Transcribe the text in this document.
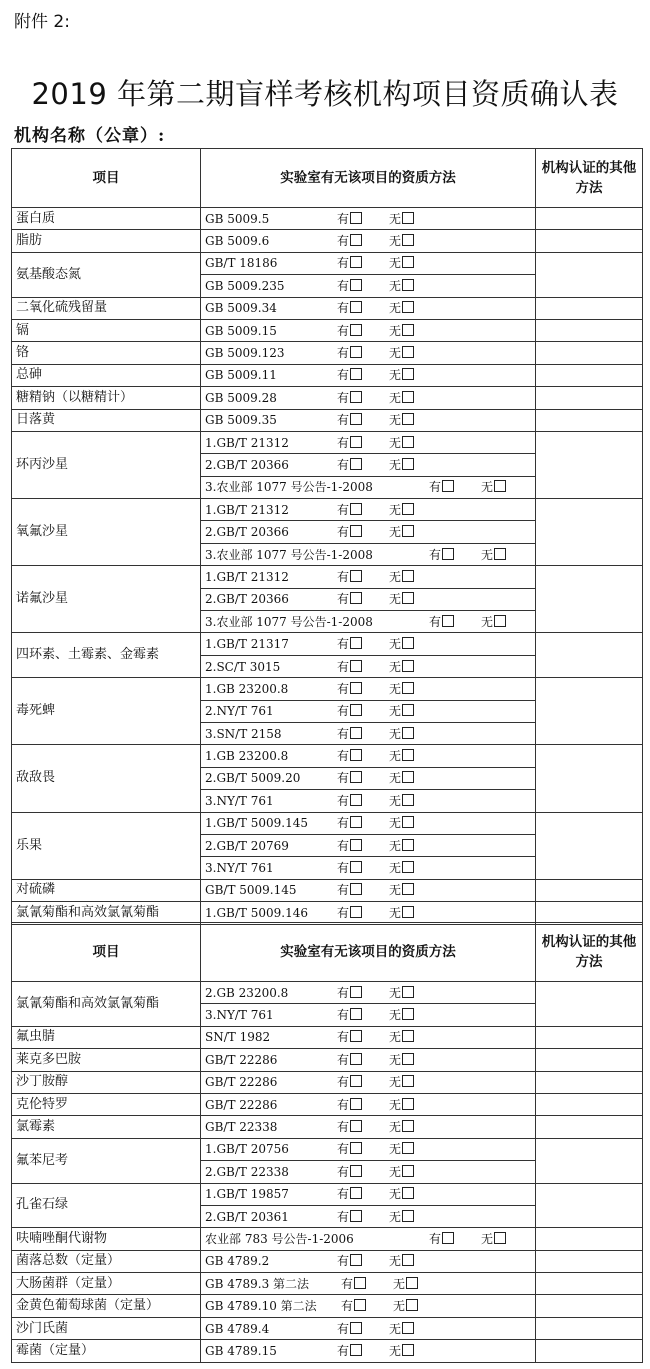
附件 2:
2019 年第二期盲样考核机构项目资质确认表
机构名称（公章）:
项目	实验室有无该项目的资质方法	机构认证的其他方法
蛋白质	GB 5009.5 有 无	

脂肪	GB 5009.6 有 无	

氨基酸态氮	GB/T 18186 有 无	

	GB 5009.235 有 无	

二氧化硫残留量	GB 5009.34 有 无	

镉	GB 5009.15 有 无	

铬	GB 5009.123 有 无	

总砷	GB 5009.11 有 无	

糖精钠（以糖精计）	GB 5009.28 有 无	

日落黄	GB 5009.35 有 无	

环丙沙星	1.GB/T 21312 有 无	

	2.GB/T 20366 有 无	

	3.农业部 1077 号公告-1-2008 有 无	

氧氟沙星	1.GB/T 21312 有 无	

	2.GB/T 20366 有 无	

	3.农业部 1077 号公告-1-2008 有 无	

诺氟沙星	1.GB/T 21312 有 无	

	2.GB/T 20366 有 无	

	3.农业部 1077 号公告-1-2008 有 无	

四环素、土霉素、金霉素	1.GB/T 21317 有 无	

	2.SC/T 3015 有 无	

毒死蜱	1.GB 23200.8 有 无	

	2.NY/T 761 有 无	

	3.SN/T 2158 有 无	

敌敌畏	1.GB 23200.8 有 无	

	2.GB/T 5009.20 有 无	

	3.NY/T 761 有 无	

乐果	1.GB/T 5009.145 有 无	

	2.GB/T 20769 有 无	

	3.NY/T 761 有 无	

对硫磷	GB/T 5009.145 有 无	

氯氰菊酯和高效氯氰菊酯	1.GB/T 5009.146 有 无	

项目	实验室有无该项目的资质方法	机构认证的其他方法
氯氰菊酯和高效氯氰菊酯	2.GB 23200.8 有 无	

	3.NY/T 761 有 无	

氟虫腈	SN/T 1982 有 无	

莱克多巴胺	GB/T 22286 有 无	

沙丁胺醇	GB/T 22286 有 无	

克伦特罗	GB/T 22286 有 无	

氯霉素	GB/T 22338 有 无	

氟苯尼考	1.GB/T 20756 有 无	

	2.GB/T 22338 有 无	

孔雀石绿	1.GB/T 19857 有 无	

	2.GB/T 20361 有 无	

呋喃唑酮代谢物	农业部 783 号公告-1-2006 有 无	

菌落总数（定量）	GB 4789.2 有 无	

大肠菌群（定量）	GB 4789.3 第二法 有 无	

金黄色葡萄球菌（定量）	GB 4789.10 第二法 有 无	

沙门氏菌	GB 4789.4 有 无	

霉菌（定量）	GB 4789.15 有 无	
